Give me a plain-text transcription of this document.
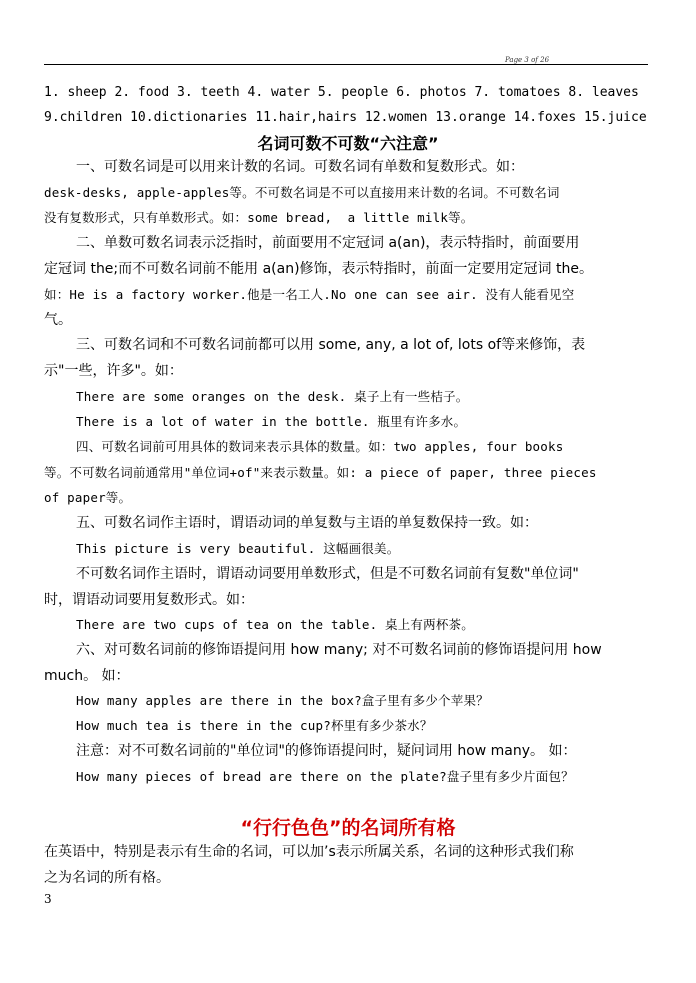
Page 3 of 26
1. sheep 2. food 3. teeth 4. water 5. people 6. photos 7. tomatoes 8. leaves
9.children 10.dictionaries 11.hair,hairs 12.women 13.orange 14.foxes 15.juice
名词可数不可数“六注意”
一、可数名词是可以用来计数的名词。可数名词有单数和复数形式。如：
desk-desks, apple-apples等。不可数名词是不可以直接用来计数的名词。不可数名词
没有复数形式，只有单数形式。如：some bread,  a little milk等。
二、单数可数名词表示泛指时，前面要用不定冠词 a(an)，表示特指时，前面要用
定冠词 the;而不可数名词前不能用 a(an)修饰，表示特指时，前面一定要用定冠词 the。
如：He is a factory worker.他是一名工人.No one can see air. 没有人能看见空
气。
三、可数名词和不可数名词前都可以用 some, any, a lot of, lots of等来修饰，表
示"一些，许多"。如：
There are some oranges on the desk. 桌子上有一些桔子。
There is a lot of water in the bottle. 瓶里有许多水。
四、可数名词前可用具体的数词来表示具体的数量。如：two apples, four books
等。不可数名词前通常用"单位词+of"来表示数量。如: a piece of paper, three pieces
of paper等。
五、可数名词作主语时，谓语动词的单复数与主语的单复数保持一致。如：
This picture is very beautiful. 这幅画很美。
不可数名词作主语时，谓语动词要用单数形式，但是不可数名词前有复数"单位词"
时，谓语动词要用复数形式。如：
There are two cups of tea on the table. 桌上有两杯茶。
六、对可数名词前的修饰语提问用 how many; 对不可数名词前的修饰语提问用 how
much。 如：
How many apples are there in the box?盒子里有多少个苹果？
How much tea is there in the cup?杯里有多少茶水？
注意：对不可数名词前的"单位词"的修饰语提问时，疑问词用 how many。 如：
How many pieces of bread are there on the plate?盘子里有多少片面包？
“行行色色”的名词所有格
在英语中，特别是表示有生命的名词，可以加’s表示所属关系，名词的这种形式我们称
之为名词的所有格。
3
